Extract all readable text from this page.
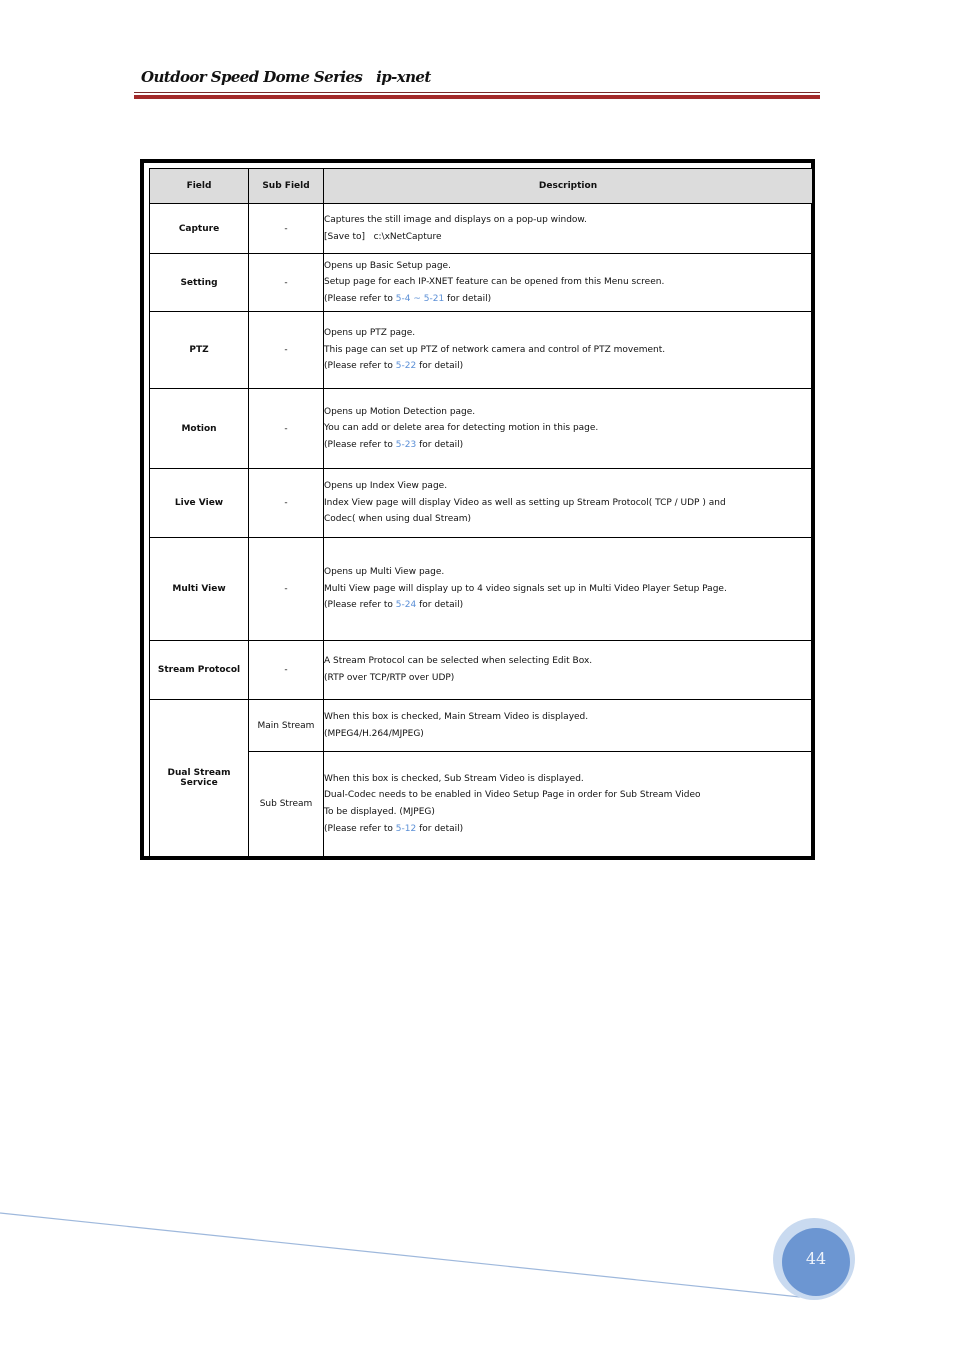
Outdoor Speed Dome Series   ip-xnet
Field	Sub Field	Description
Capture	-	Captures the still image and displays on a pop-up window.
[Save to]   c:\xNetCapture

Setting	-	Opens up Basic Setup page.
Setup page for each IP-XNET feature can be opened from this Menu screen.
(Please refer to 5-4 ~ 5-21 for detail)

PTZ	-	Opens up PTZ page.
This page can set up PTZ of network camera and control of PTZ movement.
(Please refer to 5-22 for detail)

Motion	-	Opens up Motion Detection page.
You can add or delete area for detecting motion in this page.
(Please refer to 5-23 for detail)

Live View	-	Opens up Index View page.
Index View page will display Video as well as setting up Stream Protocol( TCP / UDP ) and
Codec( when using dual Stream)

Multi View	-	Opens up Multi View page.
Multi View page will display up to 4 video signals set up in Multi Video Player Setup Page.
(Please refer to 5-24 for detail)

Stream Protocol	-	A Stream Protocol can be selected when selecting Edit Box.
(RTP over TCP/RTP over UDP)

Dual Stream
Service	Main Stream	When this box is checked, Main Stream Video is displayed.
(MPEG4/H.264/MJPEG)

	Sub Stream	When this box is checked, Sub Stream Video is displayed.
Dual-Codec needs to be enabled in Video Setup Page in order for Sub Stream Video
To be displayed. (MJPEG)
(Please refer to 5-12 for detail)
44
